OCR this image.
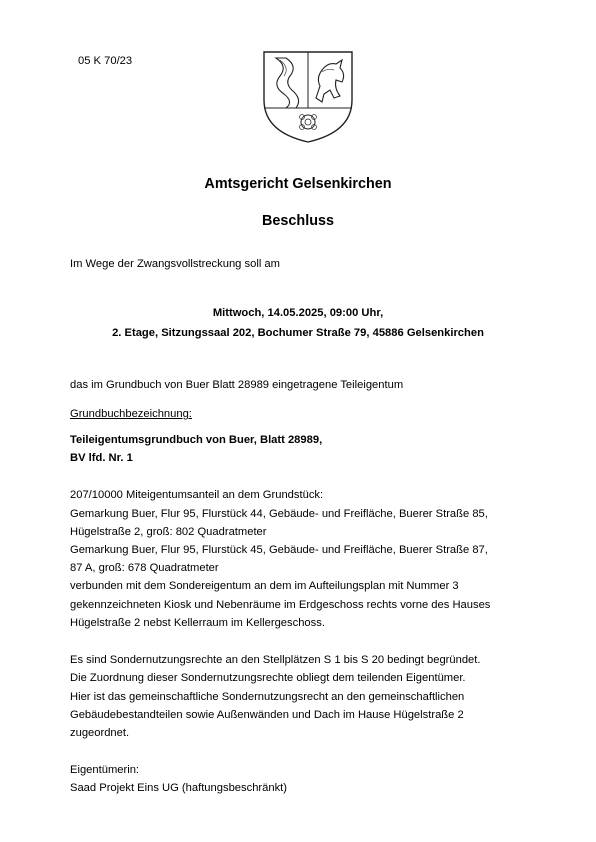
05 K 70/23
Amtsgericht Gelsenkirchen
Beschluss
Im Wege der Zwangsvollstreckung soll am
Mittwoch, 14.05.2025, 09:00 Uhr,
2. Etage, Sitzungssaal 202, Bochumer Straße 79, 45886 Gelsenkirchen
das im Grundbuch von Buer Blatt 28989 eingetragene Teileigentum
Grundbuchbezeichnung:
Teileigentumsgrundbuch von Buer, Blatt 28989,
BV lfd. Nr. 1
207/10000 Miteigentumsanteil an dem Grundstück:
Gemarkung Buer, Flur 95, Flurstück 44, Gebäude- und Freifläche, Buerer Straße 85,
Hügelstraße 2, groß: 802 Quadratmeter
Gemarkung Buer, Flur 95, Flurstück 45, Gebäude- und Freifläche, Buerer Straße 87,
87 A, groß: 678 Quadratmeter
verbunden mit dem Sondereigentum an dem im Aufteilungsplan mit Nummer 3
gekennzeichneten Kiosk und Nebenräume im Erdgeschoss rechts vorne des Hauses
Hügelstraße 2 nebst Kellerraum im Kellergeschoss.
Es sind Sondernutzungsrechte an den Stellplätzen S 1 bis S 20 bedingt begründet.
Die Zuordnung dieser Sondernutzungsrechte obliegt dem teilenden Eigentümer.
Hier ist das gemeinschaftliche Sondernutzungsrecht an den gemeinschaftlichen
Gebäudebestandteilen sowie Außenwänden und Dach im Hause Hügelstraße 2
zugeordnet.
Eigentümerin:
Saad Projekt Eins UG (haftungsbeschränkt)
